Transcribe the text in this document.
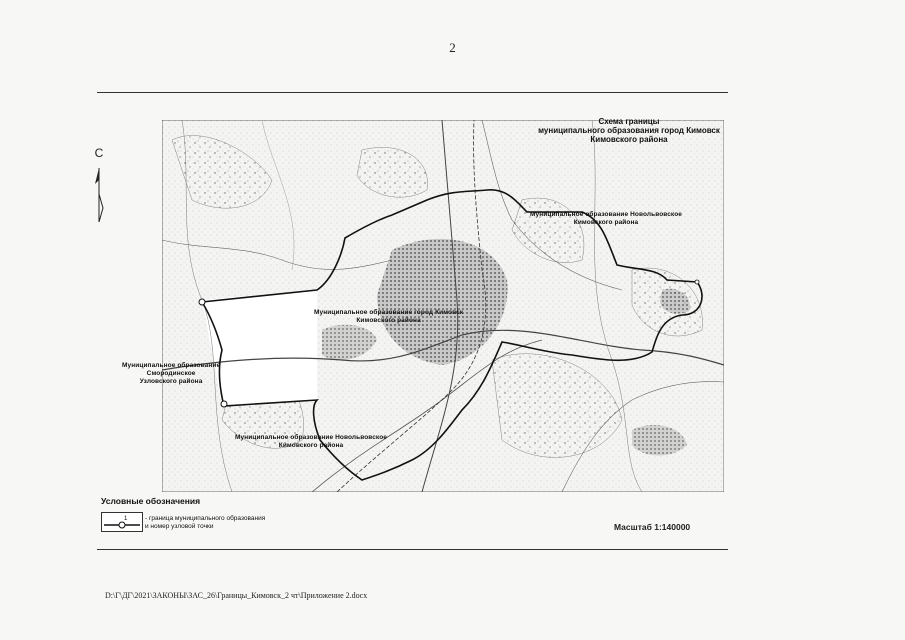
2
С
Схема границы
муниципального образования город Кимовск
Кимовского района
Муниципальное образование Новольвовское
Кимовского района
Муниципальное образование город Кимовск
Кимовского района
Муниципальное образование
Смородинское
Узловского района
Муниципальное образование Новольвовское
Кимовского района
Условные обозначения
1	- граница муниципального образования
и номер узловой точки	Масштаб 1:140000
D:\Г\ДГ\2021\ЗАКОНЫ\ЗАС_26\Границы_Кимовск_2 чт\Приложение 2.docx
